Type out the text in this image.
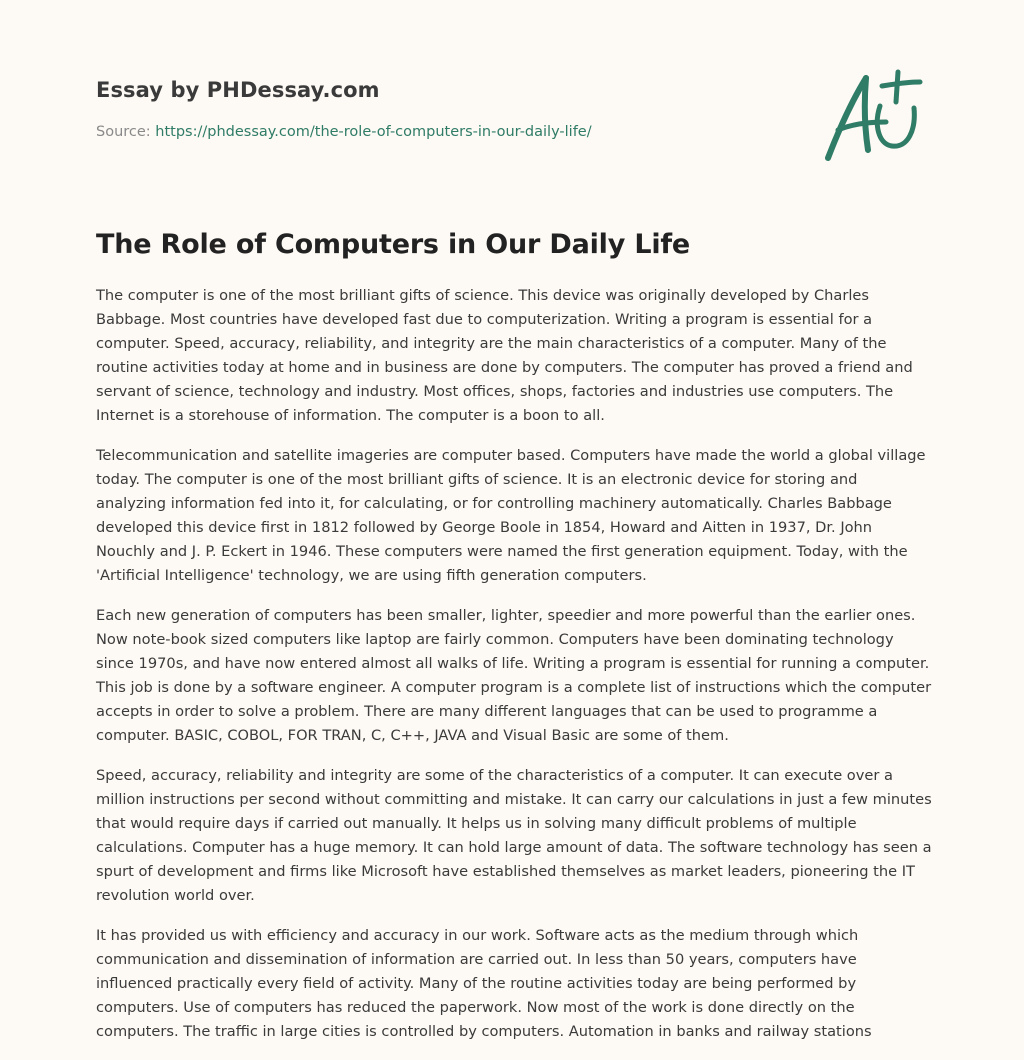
Essay by PHDessay.com
Source: https://phdessay.com/the-role-of-computers-in-our-daily-life/
The Role of Computers in Our Daily Life

The computer is one of the most brilliant gifts of science. This device was originally developed by Charles Babbage. Most countries have developed fast due to computerization. Writing a program is essential for a computer. Speed, accuracy, reliability, and integrity are the main characteristics of a computer. Many of the routine activities today at home and in business are done by computers. The computer has proved a friend and servant of science, technology and industry. Most offices, shops, factories and industries use computers. The Internet is a storehouse of information. The computer is a boon to all.

Telecommunication and satellite imageries are computer based. Computers have made the world a global village today. The computer is one of the most brilliant gifts of science. It is an electronic device for storing and analyzing information fed into it, for calculating, or for controlling machinery automatically. Charles Babbage developed this device first in 1812 followed by George Boole in 1854, Howard and Aitten in 1937, Dr. John Nouchly and J. P. Eckert in 1946. These computers were named the first generation equipment. Today, with the 'Artificial Intelligence' technology, we are using fifth generation computers.

Each new generation of computers has been smaller, lighter, speedier and more powerful than the earlier ones. Now note-book sized computers like laptop are fairly common. Computers have been dominating technology since 1970s, and have now entered almost all walks of life. Writing a program is essential for running a computer. This job is done by a software engineer. A computer program is a complete list of instructions which the computer accepts in order to solve a problem. There are many different languages that can be used to programme a computer. BASIC, COBOL, FOR TRAN, C, C++, JAVA and Visual Basic are some of them.

Speed, accuracy, reliability and integrity are some of the characteristics of a computer. It can execute over a million instructions per second without committing and mistake. It can carry our calculations in just a few minutes that would require days if carried out manually. It helps us in solving many difficult problems of multiple calculations. Computer has a huge memory. It can hold large amount of data. The software technology has seen a spurt of development and firms like Microsoft have established themselves as market leaders, pioneering the IT revolution world over.

It has provided us with efficiency and accuracy in our work. Software acts as the medium through which communication and dissemination of information are carried out. In less than 50 years, computers have influenced practically every field of activity. Many of the routine activities today are being performed by computers. Use of computers has reduced the paperwork. Now most of the work is done directly on the computers. The traffic in large cities is controlled by computers. Automation in banks and railway stations
